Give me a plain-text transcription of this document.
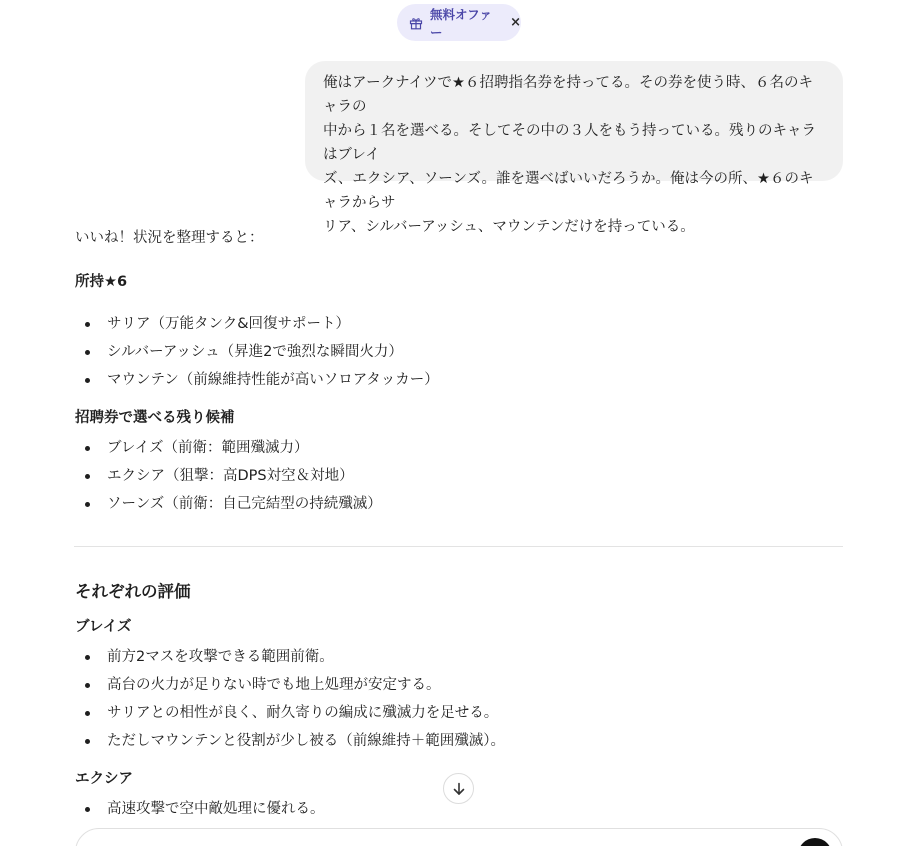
無料オファー
×
俺はアークナイツで★６招聘指名券を持ってる。その券を使う時、６名のキャラの
中から１名を選べる。そしてその中の３人をもう持っている。残りのキャラはブレイ
ズ、エクシア、ソーンズ。誰を選べばいいだろうか。俺は今の所、★６のキャラからサ
リア、シルバーアッシュ、マウンテンだけを持っている。
いいね！状況を整理すると：
所持★6
サリア（万能タンク&回復サポート）
シルバーアッシュ（昇進2で強烈な瞬間火力）
マウンテン（前線維持性能が高いソロアタッカー）
招聘券で選べる残り候補
ブレイズ（前衛：範囲殲滅力）
エクシア（狙撃：高DPS対空＆対地）
ソーンズ（前衛：自己完結型の持続殲滅）
それぞれの評価
ブレイズ
前方2マスを攻撃できる範囲前衛。
高台の火力が足りない時でも地上処理が安定する。
サリアとの相性が良く、耐久寄りの編成に殲滅力を足せる。
ただしマウンテンと役割が少し被る（前線維持＋範囲殲滅）。
エクシア
高速攻撃で空中敵処理に優れる。
